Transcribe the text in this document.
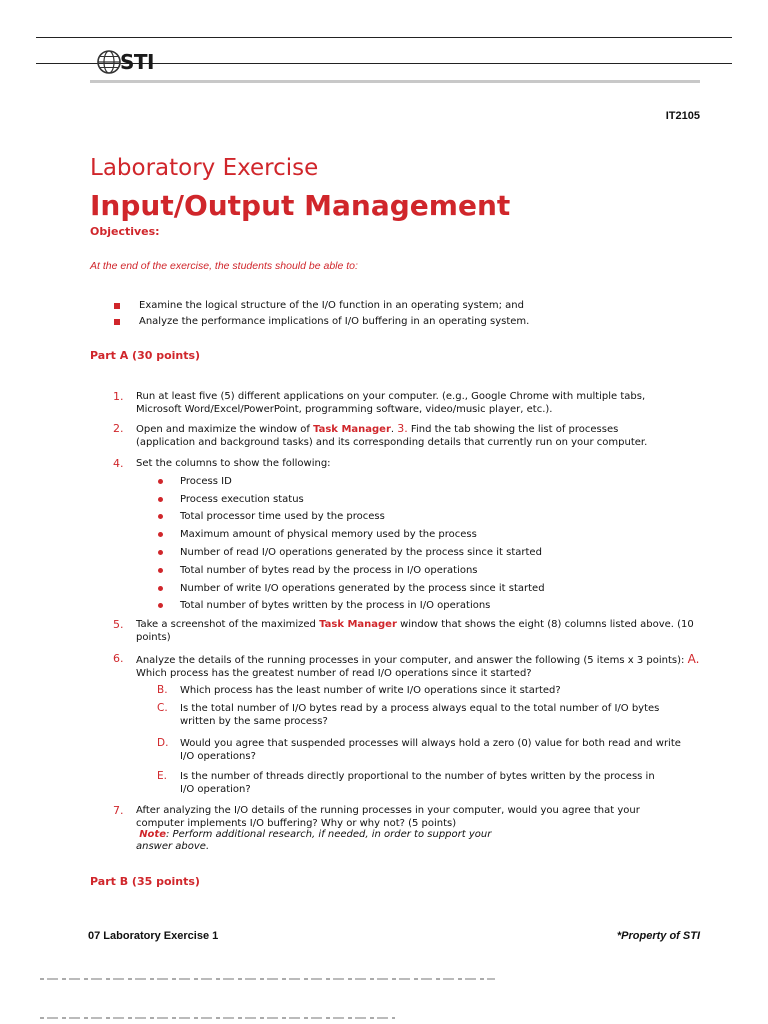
STI
IT2105
Laboratory Exercise
Input/Output Management
Objectives:
At the end of the exercise, the students should be able to:
Examine the logical structure of the I/O function in an operating system; and
Analyze the performance implications of I/O buffering in an operating system.
Part A (30 points)
1. Run at least five (5) different applications on your computer. (e.g., Google Chrome with multiple tabs,
Microsoft Word/Excel/PowerPoint, programming software, video/music player, etc.).
2. Open and maximize the window of Task Manager. 3. Find the tab showing the list of processes
(application and background tasks) and its corresponding details that currently run on your computer.
4. Set the columns to show the following:
Process ID
Process execution status
Total processor time used by the process
Maximum amount of physical memory used by the process
Number of read I/O operations generated by the process since it started
Total number of bytes read by the process in I/O operations
Number of write I/O operations generated by the process since it started
Total number of bytes written by the process in I/O operations
5. Take a screenshot of the maximized Task Manager window that shows the eight (8) columns listed above. (10
points)
6. Analyze the details of the running processes in your computer, and answer the following (5 items x 3 points): A.
Which process has the greatest number of read I/O operations since it started?
B. Which process has the least number of write I/O operations since it started?
C. Is the total number of I/O bytes read by a process always equal to the total number of I/O bytes
written by the same process?
D. Would you agree that suspended processes will always hold a zero (0) value for both read and write
I/O operations?
E. Is the number of threads directly proportional to the number of bytes written by the process in
I/O operation?
7. After analyzing the I/O details of the running processes in your computer, would you agree that your
computer implements I/O buffering? Why or why not? (5 points)
Note: Perform additional research, if needed, in order to support your
answer above.
Part B (35 points)
07 Laboratory Exercise 1	*Property of STI
